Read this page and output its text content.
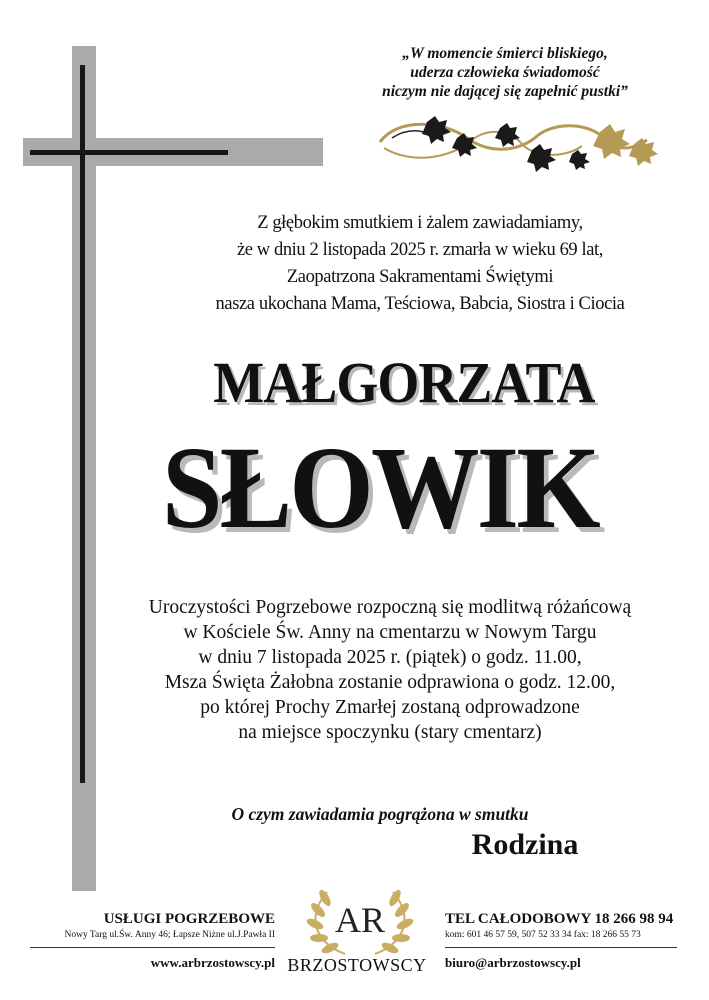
„W momencie śmierci bliskiego,
uderza człowieka świadomość
niczym nie dającej się zapełnić pustki”
Z głębokim smutkiem i żalem zawiadamiamy,
że w dniu 2 listopada 2025 r. zmarła w wieku 69 lat,
Zaopatrzona Sakramentami Świętymi
nasza ukochana Mama, Teściowa, Babcia, Siostra i Ciocia
MAŁGORZATA
SŁOWIK
Uroczystości Pogrzebowe rozpoczną się modlitwą różańcową
w Kościele Św. Anny na cmentarzu w Nowym Targu
w dniu 7 listopada 2025 r. (piątek) o godz. 11.00,
Msza Święta Żałobna zostanie odprawiona o godz. 12.00,
po której Prochy Zmarłej zostaną odprowadzone
na miejsce spoczynku (stary cmentarz)
O czym zawiadamia pogrążona w smutku
Rodzina
USŁUGI POGRZEBOWE
Nowy Targ ul.Św. Anny 46; Łapsze Niżne ul.J.Pawła II
www.arbrzostowscy.pl
AR
BRZOSTOWSCY
TEL CAŁODOBOWY 18 266 98 94
kom: 601 46 57 59, 507 52 33 34 fax: 18 266 55 73
biuro@arbrzostowscy.pl
